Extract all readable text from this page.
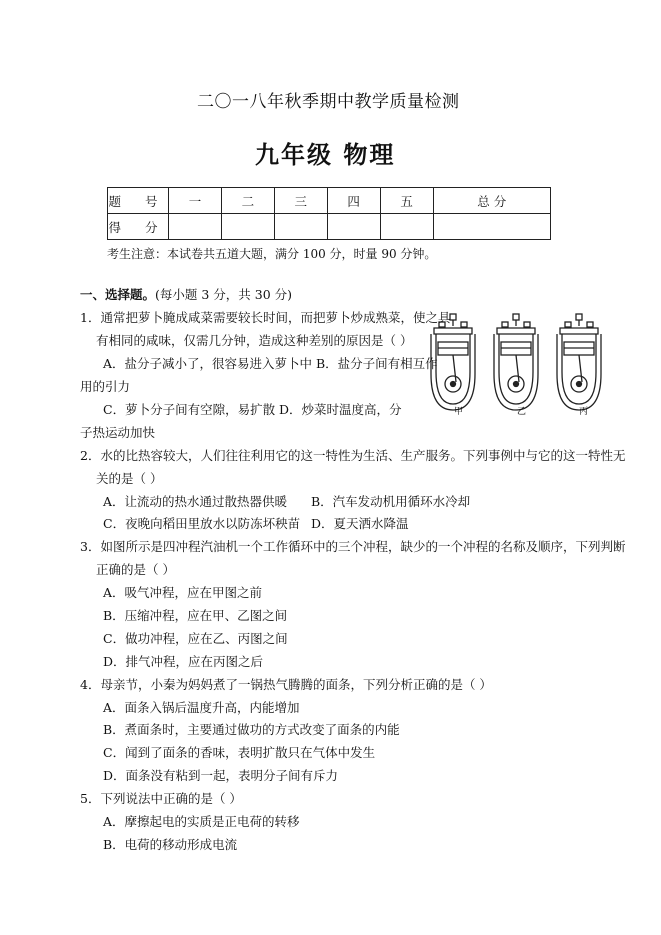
二〇一八年秋季期中教学质量检测
九年级 物理
题 号	一	二	三	四	五	总 分
得 分						
考生注意：本试卷共五道大题，满分 100 分，时量 90 分钟。
一、选择题。(每小题 3 分，共 30 分)
甲	乙	丙
1．通常把萝卜腌成咸菜需要较长时间，而把萝卜炒成熟菜，使之具
有相同的咸味，仅需几分钟，造成这种差别的原因是（ ）
A．盐分子减小了，很容易进入萝卜中 B．盐分子间有相互作
用的引力
C．萝卜分子间有空隙，易扩散 D．炒菜时温度高，分
子热运动加快
2．水的比热容较大，人们往往利用它的这一特性为生活、生产服务。下列事例中与它的这一特性无
关的是（ ）
A．让流动的热水通过散热器供暖 B．汽车发动机用循环水冷却
C．夜晚向稻田里放水以防冻坏秧苗 D．夏天洒水降温
3．如图所示是四冲程汽油机一个工作循环中的三个冲程，缺少的一个冲程的名称及顺序，下列判断
正确的是（ ）
A．吸气冲程，应在甲图之前
B．压缩冲程，应在甲、乙图之间
C．做功冲程，应在乙、丙图之间
D．排气冲程，应在丙图之后
4．母亲节，小秦为妈妈煮了一锅热气腾腾的面条，下列分析正确的是（ ）
A．面条入锅后温度升高，内能增加
B．煮面条时，主要通过做功的方式改变了面条的内能
C．闻到了面条的香味，表明扩散只在气体中发生
D．面条没有粘到一起，表明分子间有斥力
5．下列说法中正确的是（ ）
A．摩擦起电的实质是正电荷的转移
B．电荷的移动形成电流
